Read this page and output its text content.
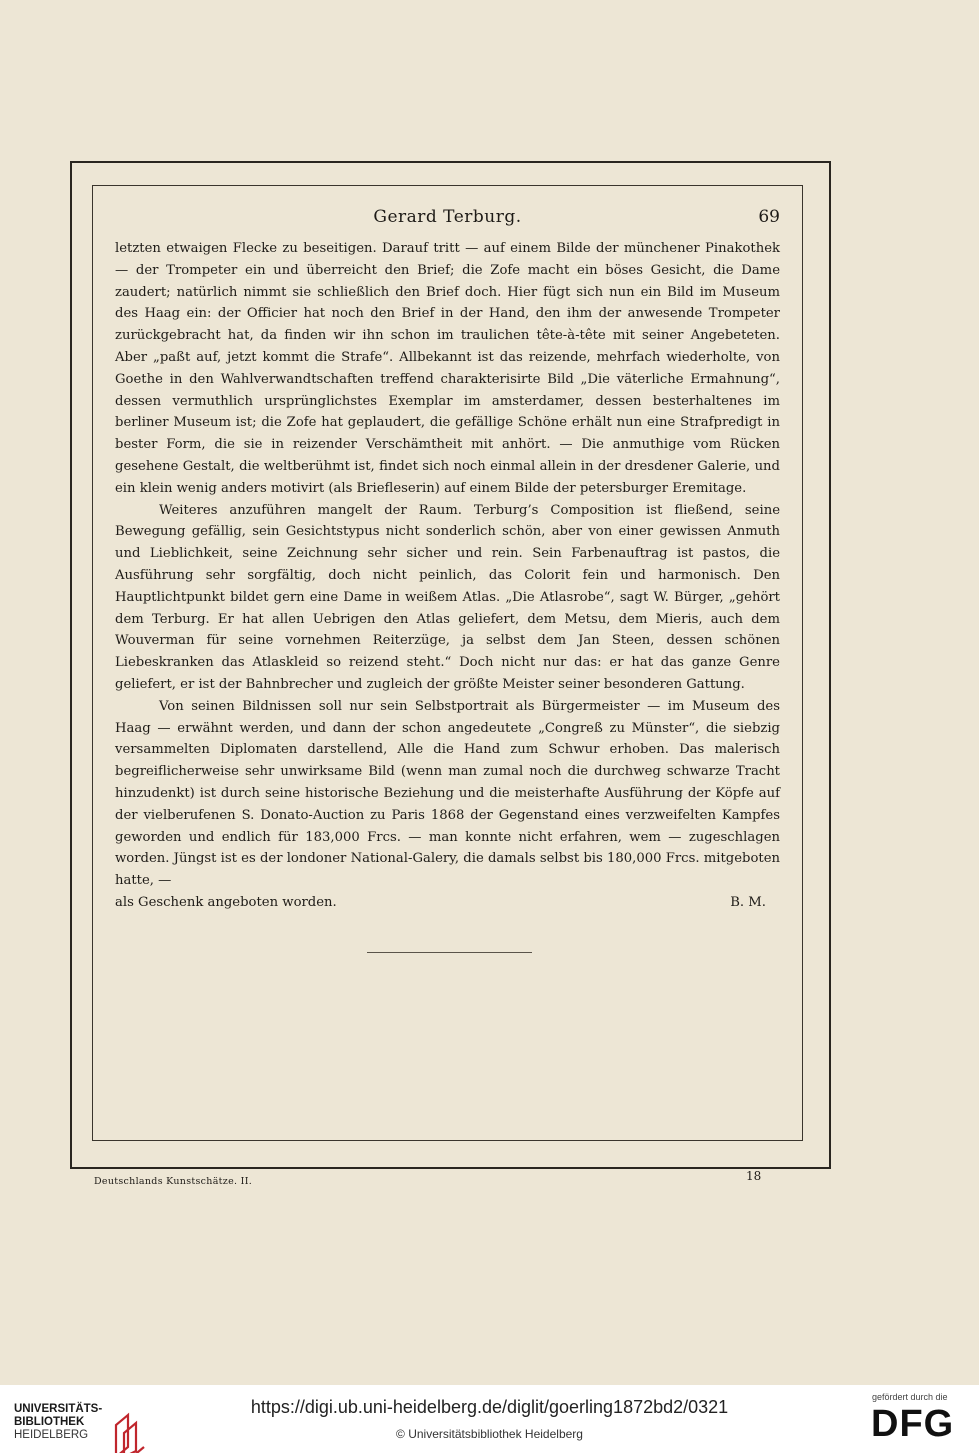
Gerard Terburg.	69

letzten etwaigen Flecke zu beseitigen. Darauf tritt — auf einem Bilde der münchener Pinakothek — der Trompeter ein und überreicht den Brief; die Zofe macht ein böses Gesicht, die Dame zaudert; natürlich nimmt sie schließlich den Brief doch. Hier fügt sich nun ein Bild im Museum des Haag ein: der Officier hat noch den Brief in der Hand, den ihm der anwesende Trompeter zurückgebracht hat, da finden wir ihn schon im traulichen tête-à-tête mit seiner Angebeteten. Aber „paßt auf, jetzt kommt die Strafe“. Allbekannt ist das reizende, mehrfach wiederholte, von Goethe in den Wahlverwandtschaften treffend charakterisirte Bild „Die väterliche Ermahnung“, dessen vermuthlich ursprünglichstes Exemplar im amsterdamer, dessen besterhaltenes im berliner Museum ist; die Zofe hat geplaudert, die gefällige Schöne erhält nun eine Strafpredigt in bester Form, die sie in reizender Verschämtheit mit anhört. — Die anmuthige vom Rücken gesehene Gestalt, die weltberühmt ist, findet sich noch einmal allein in der dresdener Galerie, und ein klein wenig anders motivirt (als Briefleserin) auf einem Bilde der petersburger Eremitage.

Weiteres anzuführen mangelt der Raum. Terburg’s Composition ist fließend, seine Bewegung gefällig, sein Gesichtstypus nicht sonderlich schön, aber von einer gewissen Anmuth und Lieblichkeit, seine Zeichnung sehr sicher und rein. Sein Farbenauftrag ist pastos, die Ausführung sehr sorgfältig, doch nicht peinlich, das Colorit fein und harmonisch. Den Hauptlichtpunkt bildet gern eine Dame in weißem Atlas. „Die Atlasrobe“, sagt W. Bürger, „gehört dem Terburg. Er hat allen Uebrigen den Atlas geliefert, dem Metsu, dem Mieris, auch dem Wouverman für seine vornehmen Reiterzüge, ja selbst dem Jan Steen, dessen schönen Liebeskranken das Atlaskleid so reizend steht.“ Doch nicht nur das: er hat das ganze Genre geliefert, er ist der Bahnbrecher und zugleich der größte Meister seiner besonderen Gattung.

Von seinen Bildnissen soll nur sein Selbstportrait als Bürgermeister — im Museum des Haag — erwähnt werden, und dann der schon angedeutete „Congreß zu Münster“, die siebzig versammelten Diplomaten darstellend, Alle die Hand zum Schwur erhoben. Das malerisch begreiflicherweise sehr unwirksame Bild (wenn man zumal noch die durchweg schwarze Tracht hinzudenkt) ist durch seine historische Beziehung und die meisterhafte Ausführung der Köpfe auf der vielberufenen S. Donato-Auction zu Paris 1868 der Gegenstand eines verzweifelten Kampfes geworden und endlich für 183,000 Frcs. — man konnte nicht erfahren, wem — zugeschlagen worden. Jüngst ist es der londoner National-Galery, die damals selbst bis 180,000 Frcs. mitgeboten hatte, —

als Geschenk angeboten worden.	B. M.
Deutschlands Kunstschätze. II.	18
UNIVERSITÄTS-
BIBLIOTHEK
HEIDELBERG
https://digi.ub.uni-heidelberg.de/diglit/goerling1872bd2/0321
© Universitätsbibliothek Heidelberg
gefördert durch die
DFG
